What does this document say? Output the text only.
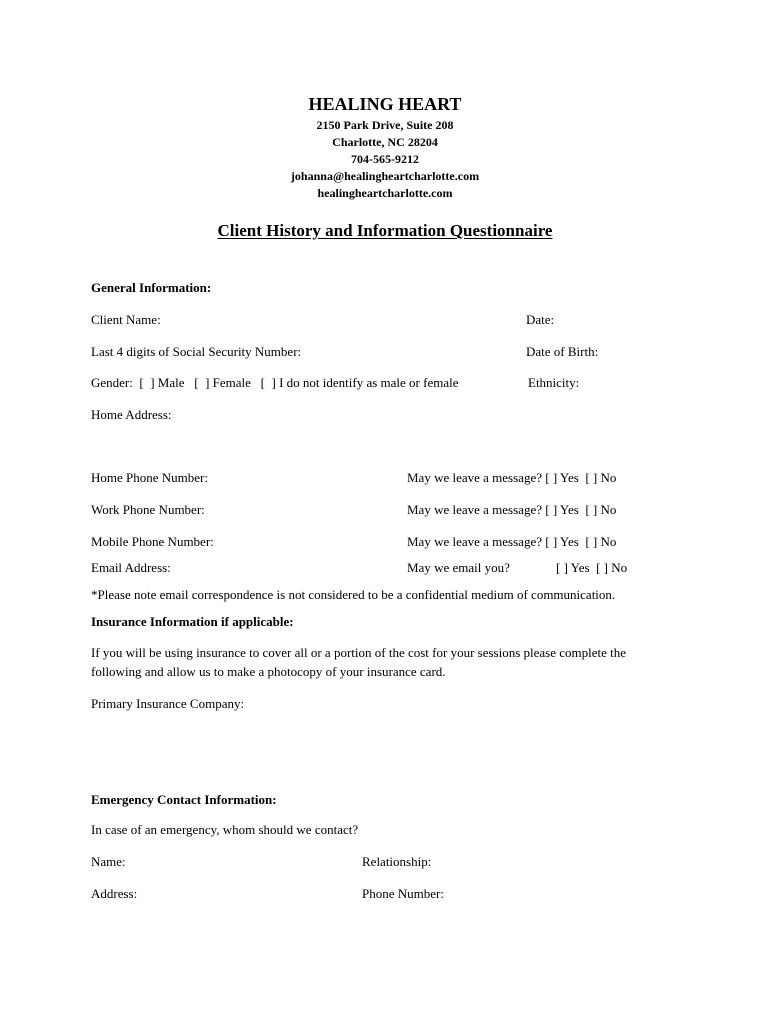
HEALING HEART
2150 Park Drive, Suite 208
Charlotte, NC 28204
704-565-9212
johanna@healingheartcharlotte.com
healingheartcharlotte.com
Client History and Information Questionnaire
General Information:
Client Name:	Date:
Last 4 digits of Social Security Number:	Date of Birth:
Gender:  [  ] Male   [  ] Female   [  ] I do not identify as male or female	Ethnicity:
Home Address:
Home Phone Number:	May we leave a message? [ ] Yes  [ ] No
Work Phone Number:	May we leave a message? [ ] Yes  [ ] No
Mobile Phone Number:	May we leave a message? [ ] Yes  [ ] No
Email Address:	May we email you?	[ ] Yes  [ ] No
*Please note email correspondence is not considered to be a confidential medium of communication.
Insurance Information if applicable:
If you will be using insurance to cover all or a portion of the cost for your sessions please complete the
following and allow us to make a photocopy of your insurance card.
Primary Insurance Company:
Emergency Contact Information:
In case of an emergency, whom should we contact?
Name:	Relationship:
Address:	Phone Number:
